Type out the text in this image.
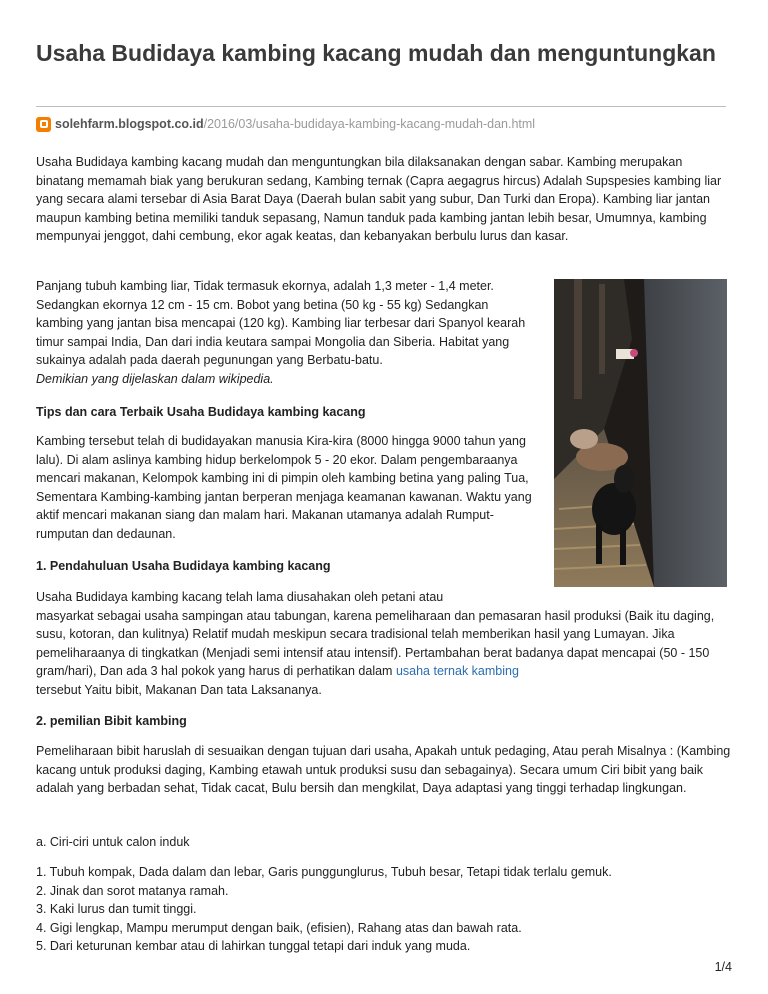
Usaha Budidaya kambing kacang mudah dan menguntungkan
solehfarm.blogspot.co.id /2016/03/usaha-budidaya-kambing-kacang-mudah-dan.html

Usaha Budidaya kambing kacang mudah dan menguntungkan bila dilaksanakan dengan sabar. Kambing merupakan binatang memamah biak yang berukuran sedang, Kambing ternak (Capra aegagrus hircus) Adalah Supspesies kambing liar yang secara alami tersebar di Asia Barat Daya (Daerah bulan sabit yang subur, Dan Turki dan Eropa). Kambing liar jantan maupun kambing betina memiliki tanduk sepasang, Namun tanduk pada kambing jantan lebih besar, Umumnya, kambing mempunyai jenggot, dahi cembung, ekor agak keatas, dan kebanyakan berbulu lurus dan kasar.

Panjang tubuh kambing liar, Tidak termasuk ekornya, adalah 1,3 meter - 1,4 meter. Sedangkan ekornya 12 cm - 15 cm. Bobot yang betina (50 kg - 55 kg) Sedangkan kambing yang jantan bisa mencapai (120 kg). Kambing liar terbesar dari Spanyol kearah timur sampai India, Dan dari india keutara sampai Mongolia dan Siberia. Habitat yang sukainya adalah pada daerah pegunungan yang Berbatu-batu.
Demikian yang dijelaskan dalam wikipedia.

Tips dan cara Terbaik Usaha Budidaya kambing kacang

Kambing tersebut telah di budidayakan manusia Kira-kira (8000 hingga 9000 tahun yang lalu). Di alam aslinya kambing hidup berkelompok 5 - 20 ekor. Dalam pengembaraanya mencari makanan, Kelompok kambing ini di pimpin oleh kambing betina yang paling Tua, Sementara Kambing-kambing jantan berperan menjaga keamanan kawanan. Waktu yang aktif mencari makanan siang dan malam hari. Makanan utamanya adalah Rumput-rumputan dan dedaunan.

1. Pendahuluan Usaha Budidaya kambing kacang

Usaha Budidaya kambing kacang telah lama diusahakan oleh petani atau
masyarkat sebagai usaha sampingan atau tabungan, karena pemeliharaan dan pemasaran hasil produksi (Baik itu daging, susu, kotoran, dan kulitnya) Relatif mudah meskipun secara tradisional telah memberikan hasil yang Lumayan. Jika pemeliharaanya di tingkatkan (Menjadi semi intensif atau intensif). Pertambahan berat badanya dapat mencapai (50 - 150 gram/hari), Dan ada 3 hal pokok yang harus di perhatikan dalam usaha ternak kambing
tersebut Yaitu bibit, Makanan Dan tata Laksananya.

2. pemilian Bibit kambing

Pemeliharaan bibit haruslah di sesuaikan dengan tujuan dari usaha, Apakah untuk pedaging, Atau perah Misalnya : (Kambing kacang untuk produksi daging, Kambing etawah untuk produksi susu dan sebagainya). Secara umum Ciri bibit yang baik adalah yang berbadan sehat, Tidak cacat, Bulu bersih dan mengkilat, Daya adaptasi yang tinggi terhadap lingkungan.

a. Ciri-ciri untuk calon induk

1. Tubuh kompak, Dada dalam dan lebar, Garis punggunglurus, Tubuh besar, Tetapi tidak terlalu gemuk.
2. Jinak dan sorot matanya ramah.
3. Kaki lurus dan tumit tinggi.
4. Gigi lengkap, Mampu merumput dengan baik, (efisien), Rahang atas dan bawah rata.
5. Dari keturunan kembar atau di lahirkan tunggal tetapi dari induk yang muda.
1/4
